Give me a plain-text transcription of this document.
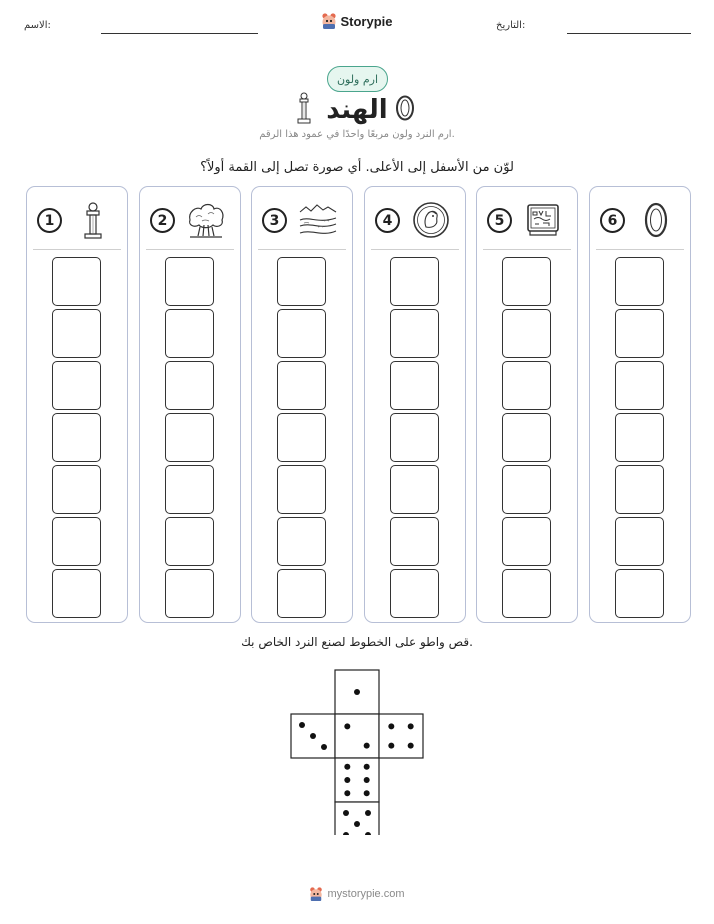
الاسم:	التاريخ:
Storypie
ارم ولون
الهند
ارم النرد ولون مربعًا واحدًا في عمود هذا الرقم.
لوّن من الأسفل إلى الأعلى. أي صورة تصل إلى القمة أولاً؟
1	2	3	4	5	6
قص واطو على الخطوط لصنع النرد الخاص بك.
mystorypie.com
